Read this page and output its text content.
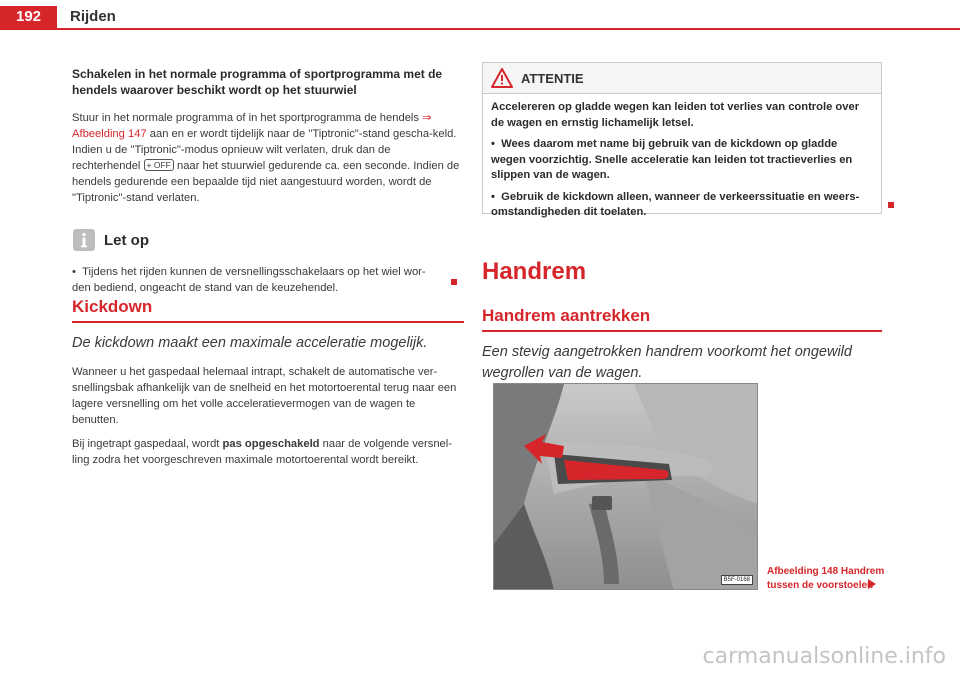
192	Rijden
Schakelen in het normale programma of sportprogramma met de hendels waarover beschikt wordt op het stuurwiel
Stuur in het normale programma of in het sportprogramma de hendels ⇒ Afbeelding 147 aan en er wordt tijdelijk naar de "Tiptronic"-stand gescha-keld. Indien u de "Tiptronic"-modus opnieuw wilt verlaten, druk dan de rechterhendel + OFF naar het stuurwiel gedurende ca. een seconde. Indien de hendels gedurende een bepaalde tijd niet aangestuurd worden, wordt de "Tiptronic"-stand verlaten.
Let op
•  Tijdens het rijden kunnen de versnellingsschakelaars op het wiel wor-den bediend, ongeacht de stand van de keuzehendel.
Kickdown
De kickdown maakt een maximale acceleratie mogelijk.
Wanneer u het gaspedaal helemaal intrapt, schakelt de automatische ver-snellingsbak afhankelijk van de snelheid en het motortoerental terug naar een lagere versnelling om het volle acceleratievermogen van de wagen te benutten.
Bij ingetrapt gaspedaal, wordt pas opgeschakeld naar de volgende versnel-ling zodra het voorgeschreven maximale motortoerental wordt bereikt.
ATTENTIE

Accelereren op gladde wegen kan leiden tot verlies van controle over de wagen en ernstig lichamelijk letsel.

•  Wees daarom met name bij gebruik van de kickdown op gladde wegen voorzichtig. Snelle acceleratie kan leiden tot tractieverlies en slippen van de wagen.

•  Gebruik de kickdown alleen, wanneer de verkeerssituatie en weers-omstandigheden dit toelaten.

Handrem
Handrem aantrekken
Een stevig aangetrokken handrem voorkomt het ongewild wegrollen van de wagen.
B5F-0168
Afbeelding 148 Handrem
tussen de voorstoelen
carmanualsonline.info
